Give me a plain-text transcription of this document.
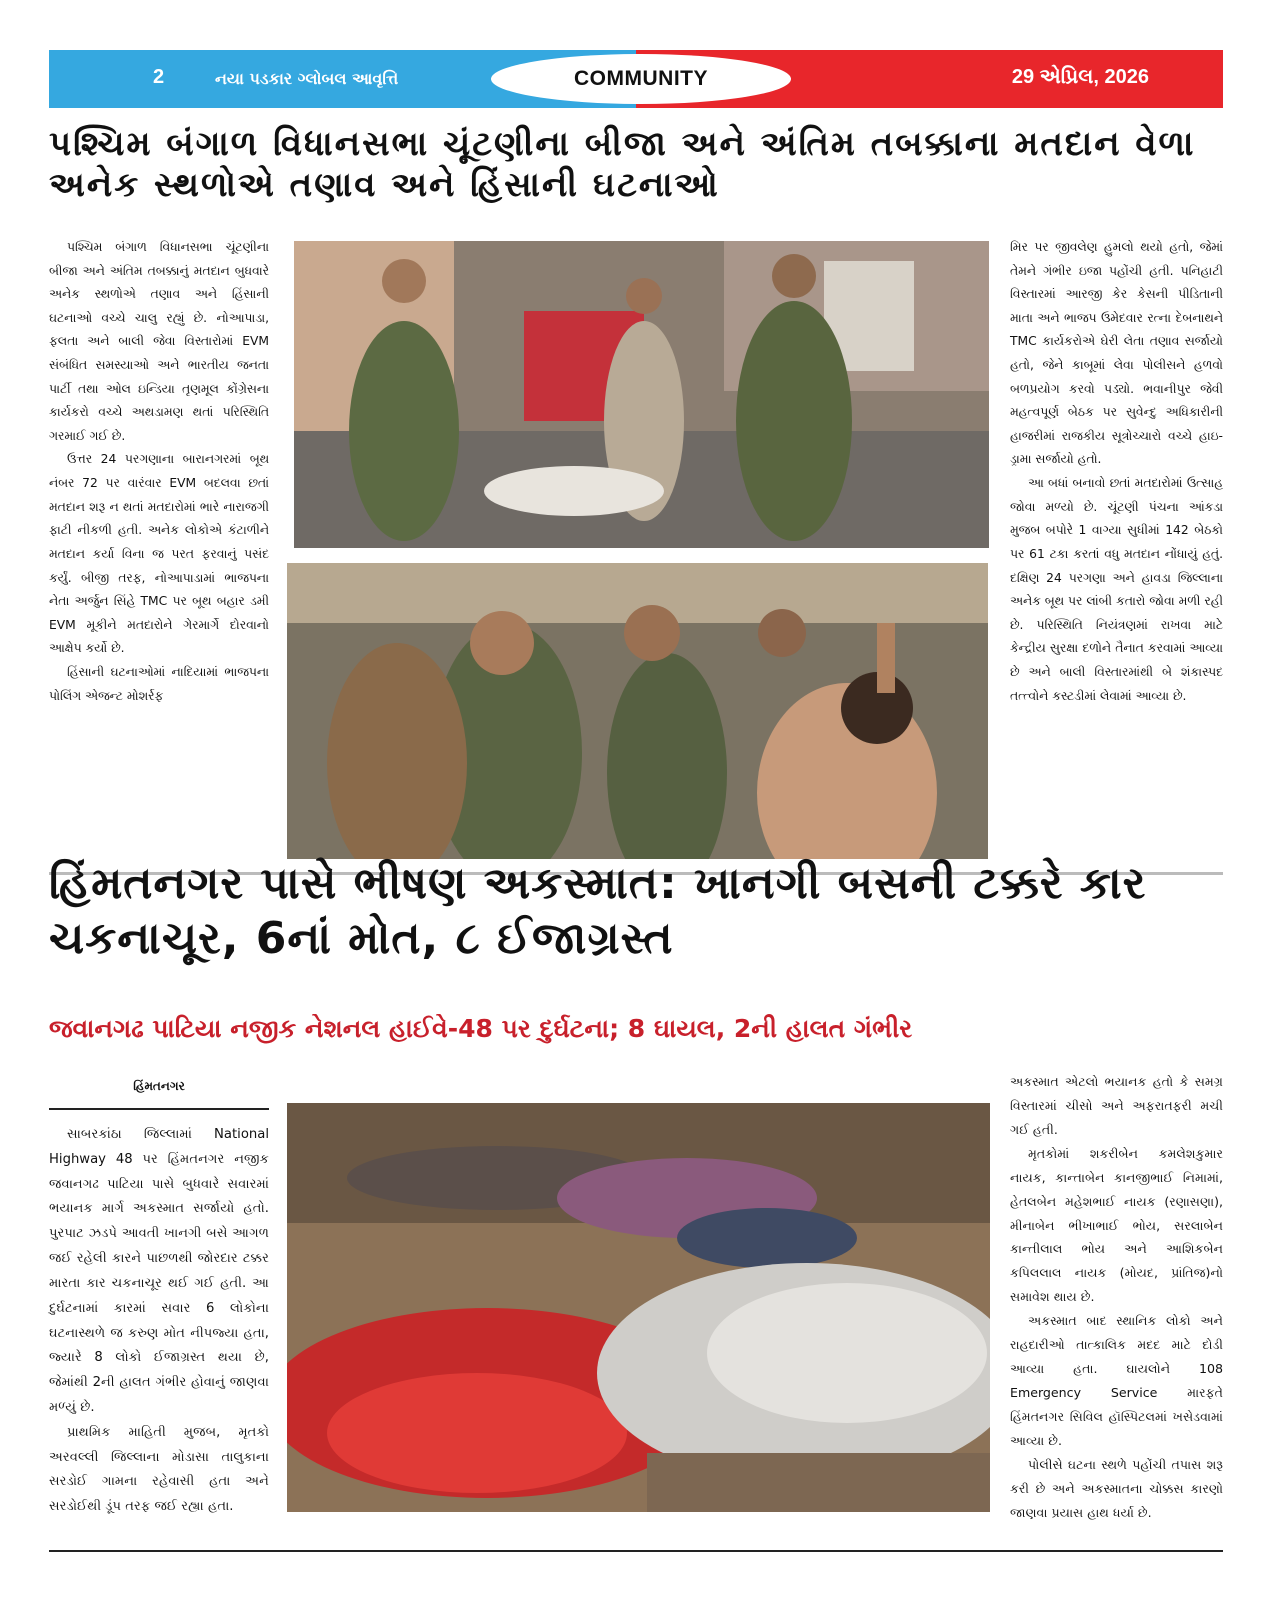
2	નયા પડકાર ગ્લોબલ આવૃત્તિ	COMMUNITY	29 એપ્રિલ, 2026
પશ્ચિમ બંગાળ વિધાનસભા ચૂંટણીના બીજા અને અંતિમ તબક્કાના મતદાન વેળા અનેક સ્થળોએ તણાવ અને હિંસાની ઘટનાઓ

પશ્ચિમ બંગાળ વિધાનસભા ચૂંટણીના બીજા અને અંતિમ તબક્કાનું મતદાન બુધવારે અનેક સ્થળોએ તણાવ અને હિંસાની ઘટનાઓ વચ્ચે ચાલુ રહ્યું છે. નોઆપાડા, ફલતા અને બાલી જેવા વિસ્તારોમાં EVM સંબંધિત સમસ્યાઓ અને ભારતીય જનતા પાર્ટી તથા ઓલ ઇન્ડિયા તૃણમૂલ કોંગ્રેસના કાર્યકરો વચ્ચે અથડામણ થતાં પરિસ્થિતિ ગરમાઈ ગઈ છે.

ઉત્તર 24 પરગણાના બારાનગરમાં બૂથ નંબર 72 પર વારંવાર EVM બદલવા છતાં મતદાન શરૂ ન થતાં મતદારોમાં ભારે નારાજગી ફાટી નીકળી હતી. અનેક લોકોએ કંટાળીને મતદાન કર્યા વિના જ પરત ફરવાનું પસંદ કર્યું. બીજી તરફ, નોઆપાડામાં ભાજપના નેતા અર્જુન સિંહે TMC પર બૂથ બહાર ડમી EVM મૂકીને મતદારોને ગેરમાર્ગે દોરવાનો આક્ષેપ કર્યો છે.

હિંસાની ઘટનાઓમાં નાદિયામાં ભાજપના પોલિંગ એજન્ટ મોશર્રફ

મિર પર જીવલેણ હુમલો થયો હતો, જેમાં તેમને ગંભીર ઇજા પહોંચી હતી. પનિહાટી વિસ્તારમાં આરજી કેર કેસની પીડિતાની માતા અને ભાજપ ઉમેદવાર રત્ના દેબનાથને TMC કાર્યકરોએ ઘેરી લેતા તણાવ સર્જાયો હતો, જેને કાબૂમાં લેવા પોલીસને હળવો બળપ્રયોગ કરવો પડ્યો. ભવાનીપુર જેવી મહત્વપૂર્ણ બેઠક પર સુવેન્દુ અધિકારીની હાજરીમાં રાજકીય સૂત્રોચ્ચારો વચ્ચે હાઇ-ડ્રામા સર્જાયો હતો.

આ બધાં બનાવો છતાં મતદારોમાં ઉત્સાહ જોવા મળ્યો છે. ચૂંટણી પંચના આંકડા મુજબ બપોરે 1 વાગ્યા સુધીમાં 142 બેઠકો પર 61 ટકા કરતાં વધુ મતદાન નોંધાયું હતું. દક્ષિણ 24 પરગણા અને હાવડા જિલ્લાના અનેક બૂથ પર લાંબી કતારો જોવા મળી રહી છે. પરિસ્થિતિ નિયંત્રણમાં રાખવા માટે કેન્દ્રીય સુરક્ષા દળોને તૈનાત કરવામાં આવ્યા છે અને બાલી વિસ્તારમાંથી બે શંકાસ્પદ તત્ત્વોને કસ્ટડીમાં લેવામાં આવ્યા છે.

હિંમતનગર પાસે ભીષણ અકસ્માત: ખાનગી બસની ટક્કરે કાર ચકનાચૂર, 6નાં મોત, ૮ ઈજાગ્રસ્ત
જવાનગઢ પાટિયા નજીક નેશનલ હાઈવે-48 પર દુર્ઘટના; 8 ઘાયલ, 2ની હાલત ગંભીર
હિંમતનગર

સાબરકાંઠા જિલ્લામાં National Highway 48 પર હિંમતનગર નજીક જવાનગઢ પાટિયા પાસે બુધવારે સવારમાં ભયાનક માર્ગ અકસ્માત સર્જાયો હતો. પુરપાટ ઝડપે આવતી ખાનગી બસે આગળ જઈ રહેલી કારને પાછળથી જોરદાર ટક્કર મારતા કાર ચકનાચૂર થઈ ગઈ હતી. આ દુર્ઘટનામાં કારમાં સવાર 6 લોકોના ઘટનાસ્થળે જ કરુણ મોત નીપજ્યા હતા, જ્યારે 8 લોકો ઈજાગ્રસ્ત થયા છે, જેમાંથી 2ની હાલત ગંભીર હોવાનું જાણવા મળ્યું છે.

પ્રાથમિક માહિતી મુજબ, મૃતકો અરવલ્લી જિલ્લાના મોડાસા તાલુકાના સરડોઈ ગામના રહેવાસી હતા અને સરડોઈથી ડૂંપ તરફ જઈ રહ્યા હતા.

અકસ્માત એટલો ભયાનક હતો કે સમગ્ર વિસ્તારમાં ચીસો અને અફરાતફરી મચી ગઈ હતી.

મૃતકોમાં શકરીબેન કમલેશકુમાર નાયક, કાન્તાબેન કાનજીભાઈ નિમામાં, હેતલબેન મહેશભાઈ નાયક (રણાસણા), મીનાબેન ભીખાભાઈ ભોય, સરલાબેન કાન્તીલાલ ભોય અને આશિકબેન કપિલલાલ નાયક (મોયદ, પ્રાંતિજ)નો સમાવેશ થાય છે.

અકસ્માત બાદ સ્થાનિક લોકો અને રાહદારીઓ તાત્કાલિક મદદ માટે દોડી આવ્યા હતા. ઘાયલોને 108 Emergency Service મારફતે હિંમતનગર સિવિલ હૉસ્પિટલમાં ખસેડવામાં આવ્યા છે.

પોલીસે ઘટના સ્થળે પહોંચી તપાસ શરૂ કરી છે અને અકસ્માતના ચોક્કસ કારણો જાણવા પ્રયાસ હાથ ધર્યા છે.
